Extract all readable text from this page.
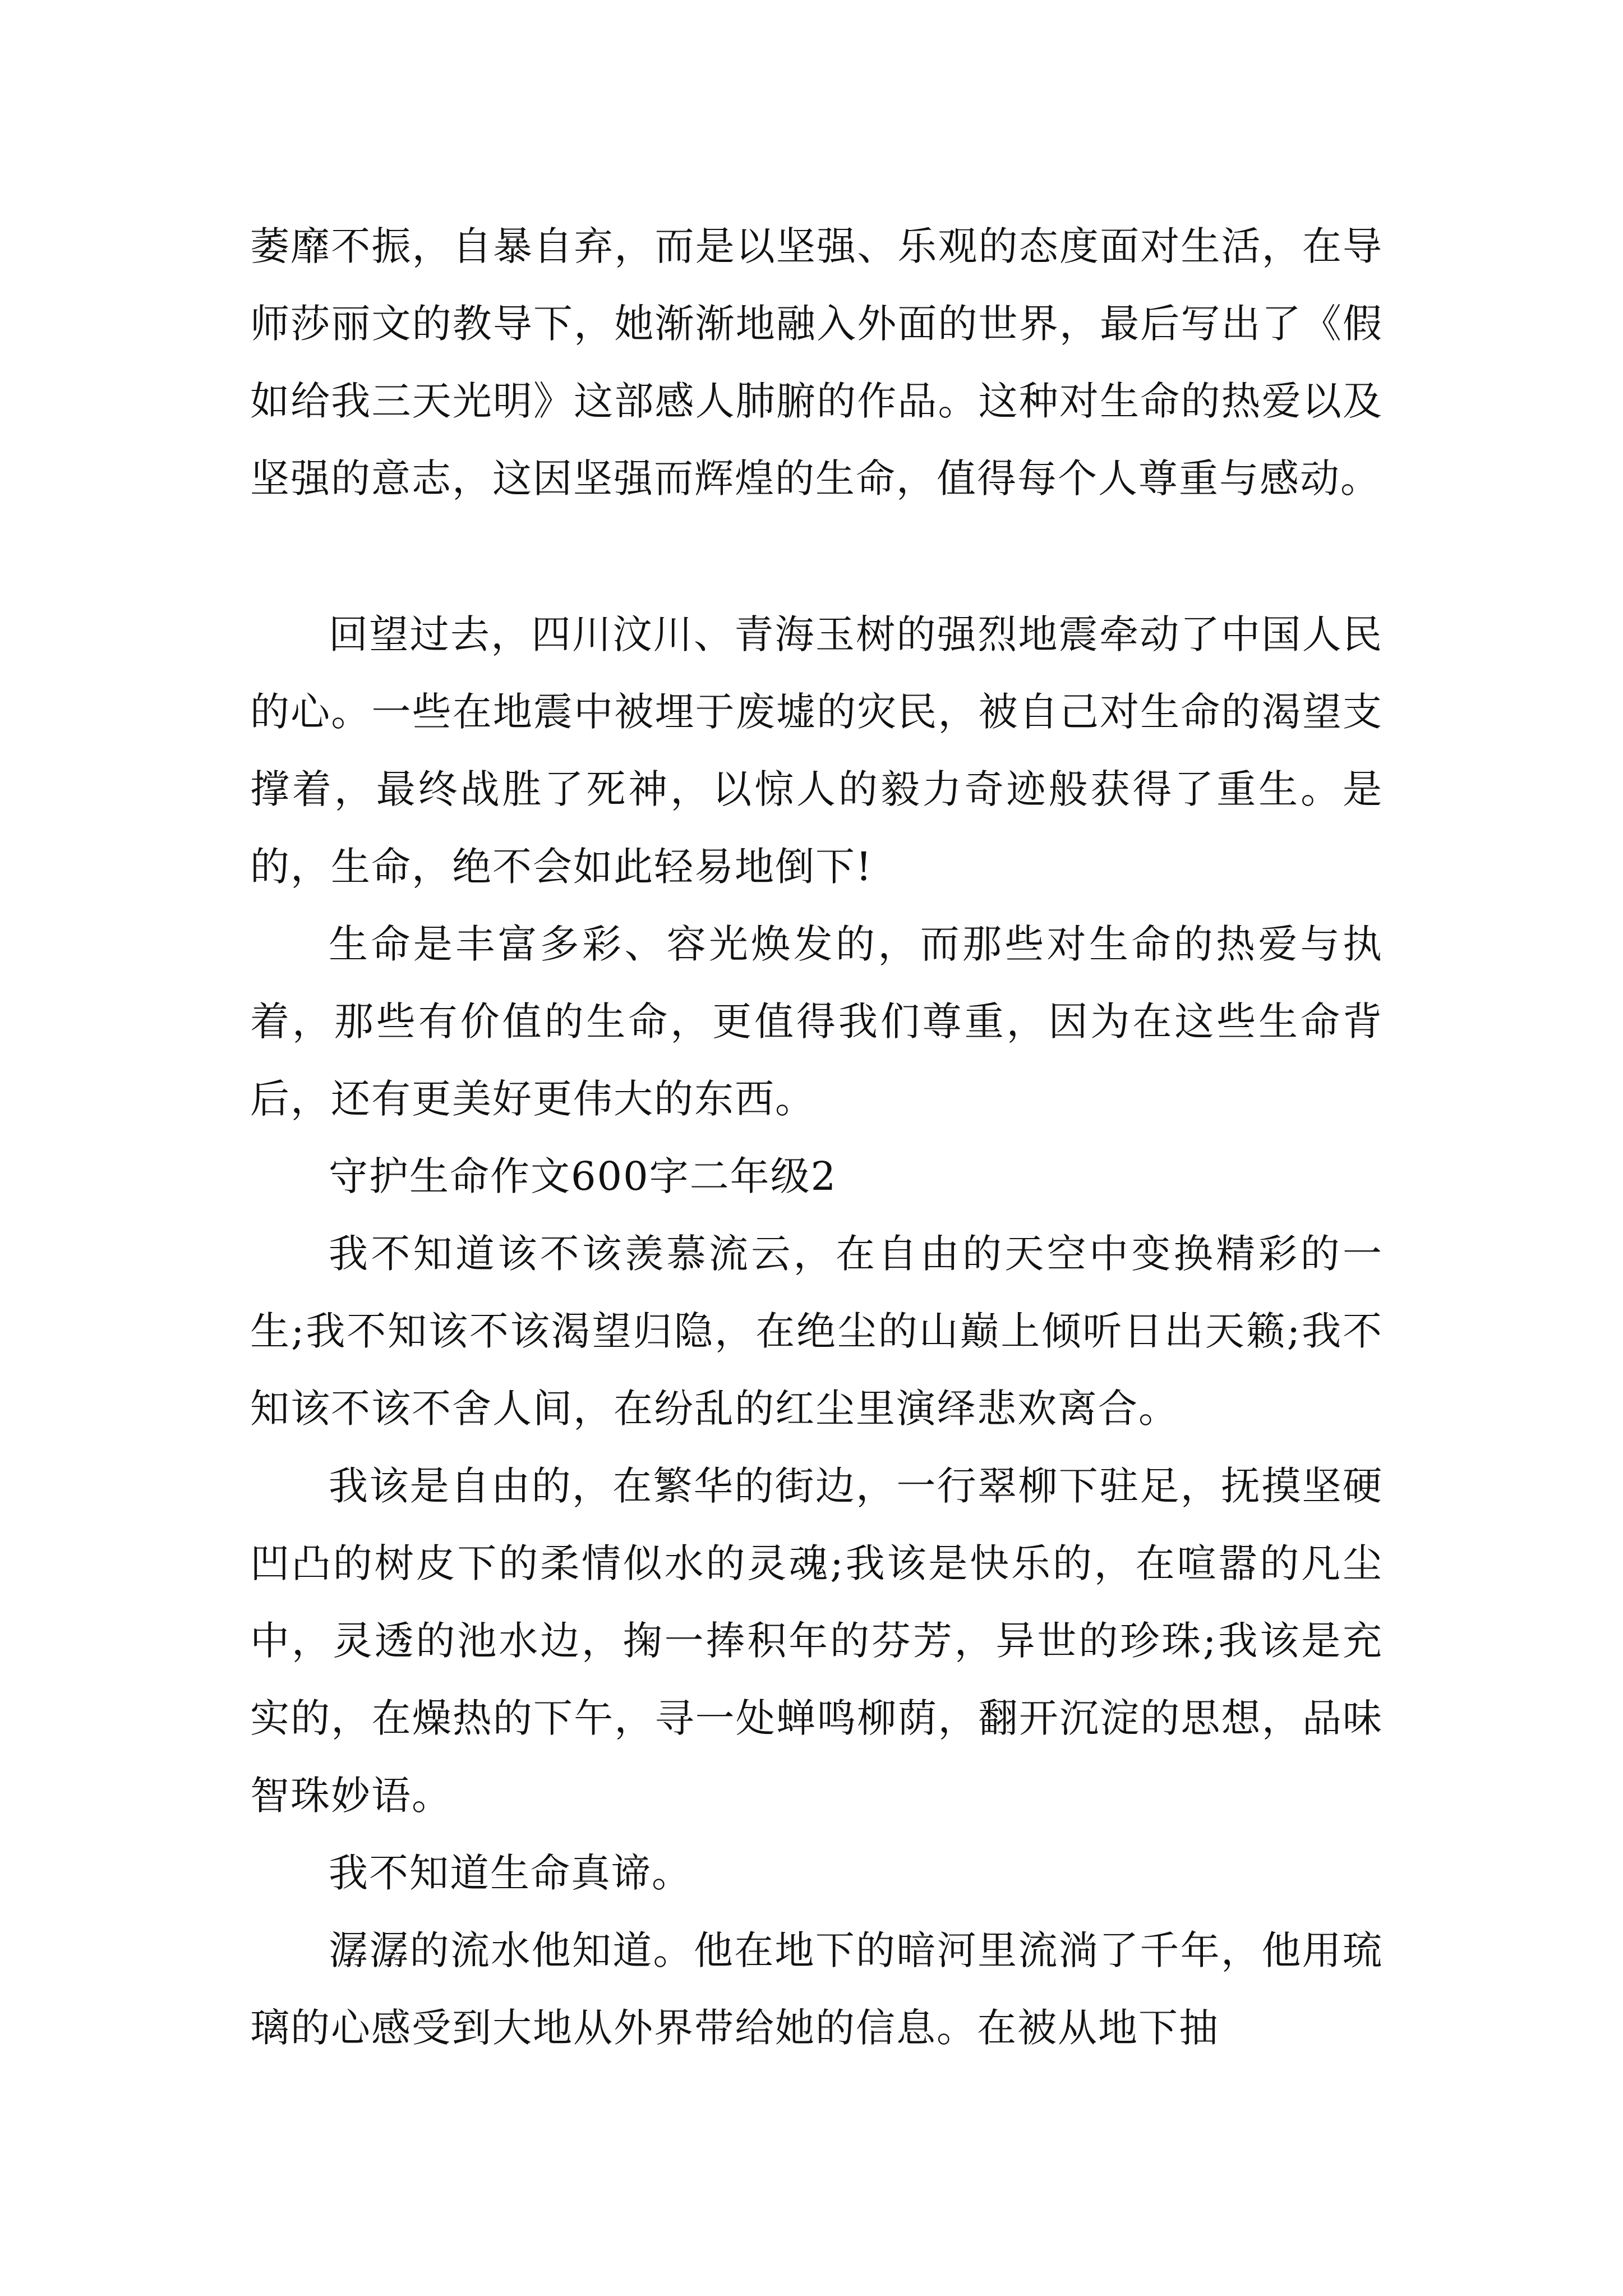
萎靡不振，自暴自弃，而是以坚强、乐观的态度面对生活，在导师莎丽文的教导下，她渐渐地融入外面的世界，最后写出了《假如给我三天光明》这部感人肺腑的作品。这种对生命的热爱以及坚强的意志，这因坚强而辉煌的生命，值得每个人尊重与感动。

回望过去，四川汶川、青海玉树的强烈地震牵动了中国人民的心。一些在地震中被埋于废墟的灾民，被自己对生命的渴望支撑着，最终战胜了死神，以惊人的毅力奇迹般获得了重生。是的，生命，绝不会如此轻易地倒下!

生命是丰富多彩、容光焕发的，而那些对生命的热爱与执着，那些有价值的生命，更值得我们尊重，因为在这些生命背后，还有更美好更伟大的东西。

守护生命作文600字二年级2

我不知道该不该羡慕流云，在自由的天空中变换精彩的一生;我不知该不该渴望归隐，在绝尘的山巅上倾听日出天籁;我不知该不该不舍人间，在纷乱的红尘里演绎悲欢离合。

我该是自由的，在繁华的街边，一行翠柳下驻足，抚摸坚硬凹凸的树皮下的柔情似水的灵魂;我该是快乐的，在喧嚣的凡尘中，灵透的池水边，掬一捧积年的芬芳，异世的珍珠;我该是充实的，在燥热的下午，寻一处蝉鸣柳荫，翻开沉淀的思想，品味智珠妙语。

我不知道生命真谛。

潺潺的流水他知道。他在地下的暗河里流淌了千年，他用琉璃的心感受到大地从外界带给她的信息。在被从地下抽
